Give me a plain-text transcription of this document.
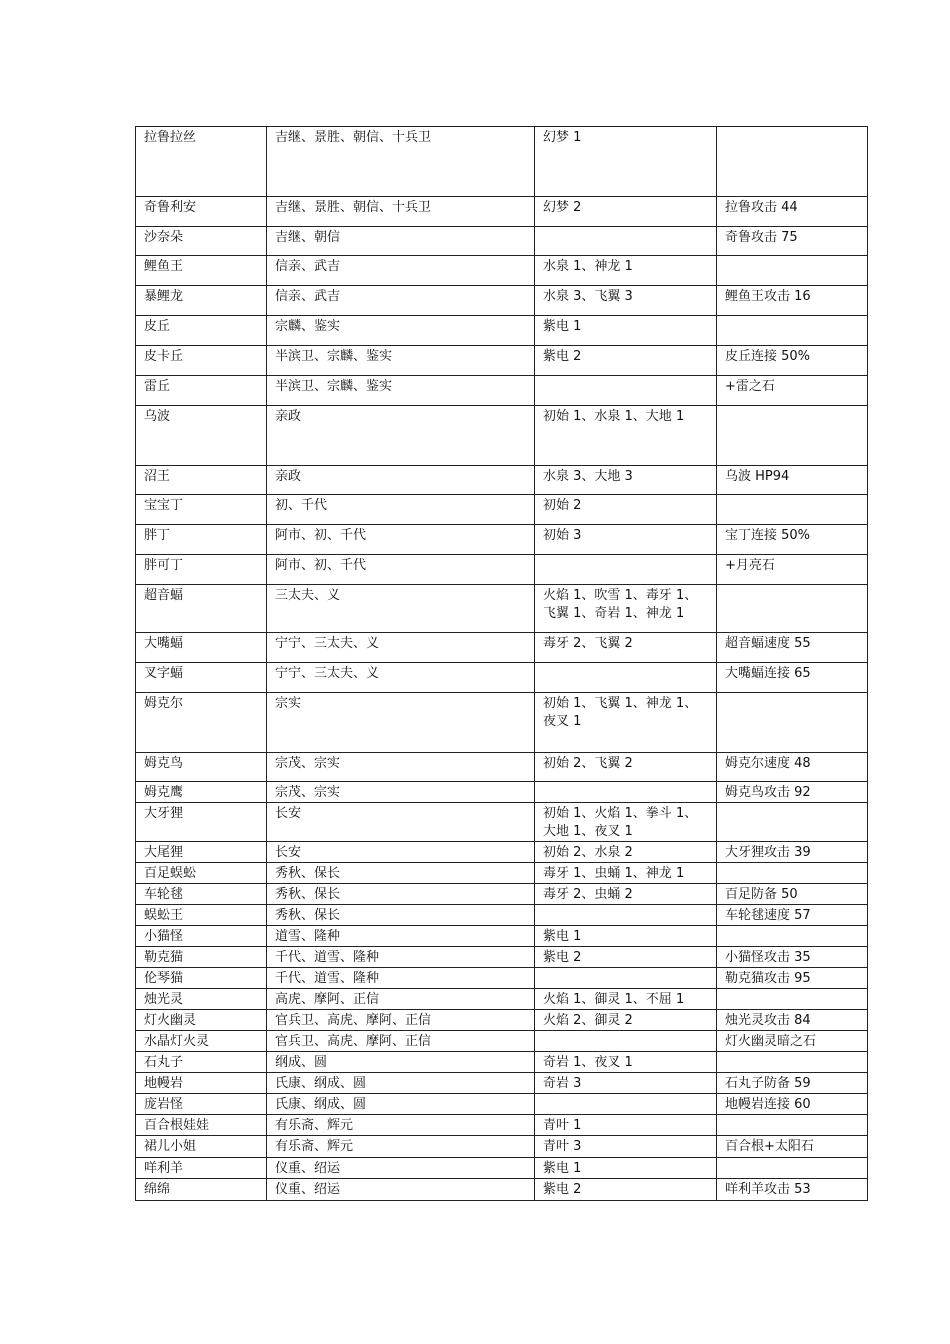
拉鲁拉丝	吉继、景胜、朝信、十兵卫	幻梦 1	
奇鲁利安	吉继、景胜、朝信、十兵卫	幻梦 2	拉鲁攻击 44
沙奈朵	吉继、朝信		奇鲁攻击 75
鲤鱼王	信亲、武吉	水泉 1、神龙 1	
暴鲤龙	信亲、武吉	水泉 3、飞翼 3	鲤鱼王攻击 16
皮丘	宗麟、鉴实	紫电 1	
皮卡丘	半滨卫、宗麟、鉴实	紫电 2	皮丘连接 50%
雷丘	半滨卫、宗麟、鉴实		+雷之石
乌波	亲政	初始 1、水泉 1、大地 1	
沼王	亲政	水泉 3、大地 3	乌波 HP94
宝宝丁	初、千代	初始 2	
胖丁	阿市、初、千代	初始 3	宝丁连接 50%
胖可丁	阿市、初、千代		+月亮石
超音蝠	三太夫、义	火焰 1、吹雪 1、毒牙 1、
飞翼 1、奇岩 1、神龙 1	
大嘴蝠	宁宁、三太夫、义	毒牙 2、飞翼 2	超音蝠速度 55
叉字蝠	宁宁、三太夫、义		大嘴蝠连接 65
姆克尔	宗实	初始 1、飞翼 1、神龙 1、
夜叉 1	
姆克鸟	宗茂、宗实	初始 2、飞翼 2	姆克尔速度 48
姆克鹰	宗茂、宗实		姆克鸟攻击 92
大牙狸	长安	初始 1、火焰 1、拳斗 1、
大地 1、夜叉 1	
大尾狸	长安	初始 2、水泉 2	大牙狸攻击 39
百足蜈蚣	秀秋、保长	毒牙 1、虫蛹 1、神龙 1	
车轮毬	秀秋、保长	毒牙 2、虫蛹 2	百足防备 50
蜈蚣王	秀秋、保长		车轮毬速度 57
小猫怪	道雪、隆种	紫电 1	
勒克猫	千代、道雪、隆种	紫电 2	小猫怪攻击 35
伦琴猫	千代、道雪、隆种		勒克猫攻击 95
烛光灵	高虎、摩阿、正信	火焰 1、御灵 1、不屈 1	
灯火幽灵	官兵卫、高虎、摩阿、正信	火焰 2、御灵 2	烛光灵攻击 84
水晶灯火灵	官兵卫、高虎、摩阿、正信		灯火幽灵暗之石
石丸子	纲成、圆	奇岩 1、夜叉 1	
地幔岩	氏康、纲成、圆	奇岩 3	石丸子防备 59
庞岩怪	氏康、纲成、圆		地幔岩连接 60
百合根娃娃	有乐斋、辉元	青叶 1	
裙儿小姐	有乐斋、辉元	青叶 3	百合根+太阳石
咩利羊	仪重、绍运	紫电 1	
绵绵	仪重、绍运	紫电 2	咩利羊攻击 53
